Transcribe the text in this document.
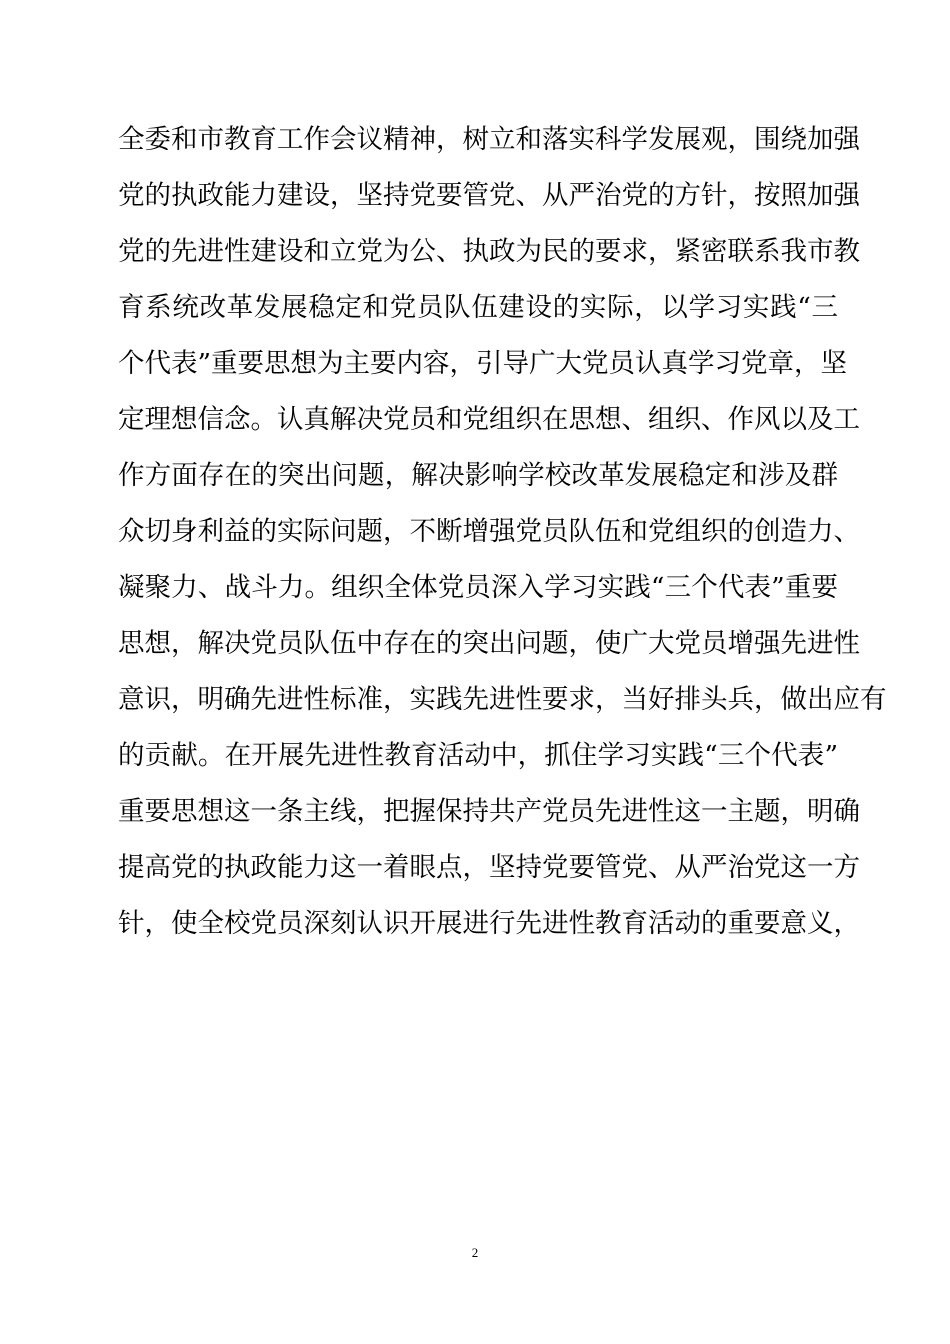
全委和市教育工作会议精神，树立和落实科学发展观，围绕加强
党的执政能力建设，坚持党要管党、从严治党的方针，按照加强
党的先进性建设和立党为公、执政为民的要求，紧密联系我市教
育系统改革发展稳定和党员队伍建设的实际，以学习实践“三
个代表”重要思想为主要内容，引导广大党员认真学习党章，坚
定理想信念。认真解决党员和党组织在思想、组织、作风以及工
作方面存在的突出问题，解决影响学校改革发展稳定和涉及群
众切身利益的实际问题，不断增强党员队伍和党组织的创造力、
凝聚力、战斗力。组织全体党员深入学习实践“三个代表”重要
思想，解决党员队伍中存在的突出问题，使广大党员增强先进性
意识，明确先进性标准，实践先进性要求，当好排头兵，做出应有
的贡献。在开展先进性教育活动中，抓住学习实践“三个代表”
重要思想这一条主线，把握保持共产党员先进性这一主题，明确
提高党的执政能力这一着眼点，坚持党要管党、从严治党这一方
针，使全校党员深刻认识开展进行先进性教育活动的重要意义，
2
